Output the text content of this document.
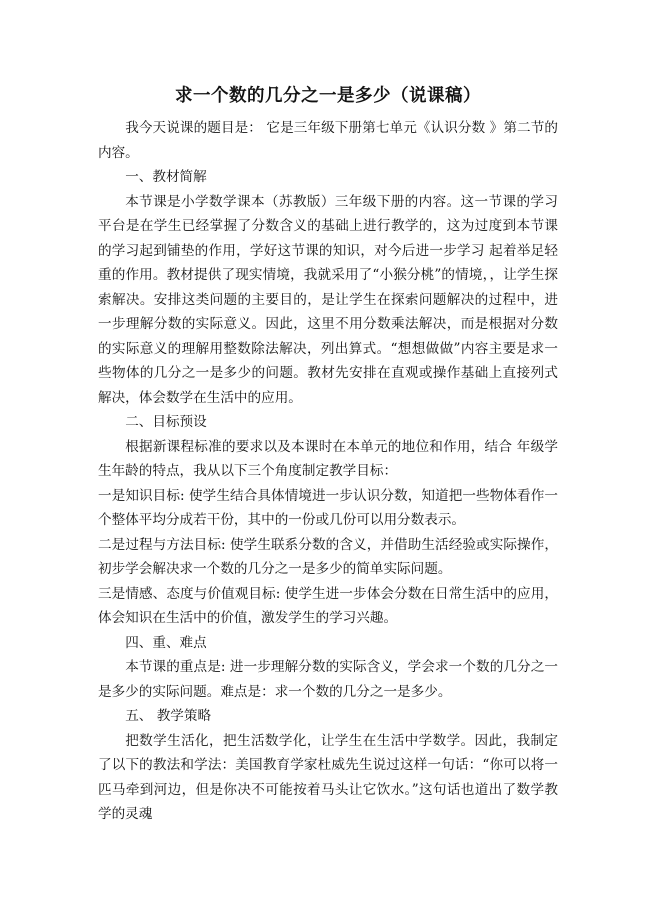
求一个数的几分之一是多少（说课稿）

我今天说课的题目是： 它是三年级下册第七单元《认识分数 》第二节的内容。

一、教材简解

本节课是小学数学课本（苏教版）三年级下册的内容。这一节课的学习平台是在学生已经掌握了分数含义的基础上进行教学的，这为过度到本节课的学习起到铺垫的作用，学好这节课的知识，对今后进一步学习 起着举足轻重的作用。教材提供了现实情境，我就采用了“小猴分桃”的情境，，让学生探索解决。安排这类问题的主要目的，是让学生在探索问题解决的过程中，进一步理解分数的实际意义。因此，这里不用分数乘法解决，而是根据对分数的实际意义的理解用整数除法解决，列出算式。“想想做做”内容主要是求一些物体的几分之一是多少的问题。教材先安排在直观或操作基础上直接列式解决，体会数学在生活中的应用。

二、目标预设

根据新课程标准的要求以及本课时在本单元的地位和作用，结合 年级学生年龄的特点，我从以下三个角度制定教学目标：

一是知识目标: 使学生结合具体情境进一步认识分数，知道把一些物体看作一个整体平均分成若干份，其中的一份或几份可以用分数表示。

二是过程与方法目标: 使学生联系分数的含义，并借助生活经验或实际操作，初步学会解决求一个数的几分之一是多少的简单实际问题。

三是情感、态度与价值观目标: 使学生进一步体会分数在日常生活中的应用，体会知识在生活中的价值，激发学生的学习兴趣。

四、重、难点

本节课的重点是: 进一步理解分数的实际含义，学会求一个数的几分之一是多少的实际问题。难点是：求一个数的几分之一是多少。

五、 教学策略

把数学生活化，把生活数学化，让学生在生活中学数学。因此，我制定了以下的教法和学法：美国教育学家杜威先生说过这样一句话：“你可以将一匹马牵到河边，但是你决不可能按着马头让它饮水。”这句话也道出了数学教学的灵魂
